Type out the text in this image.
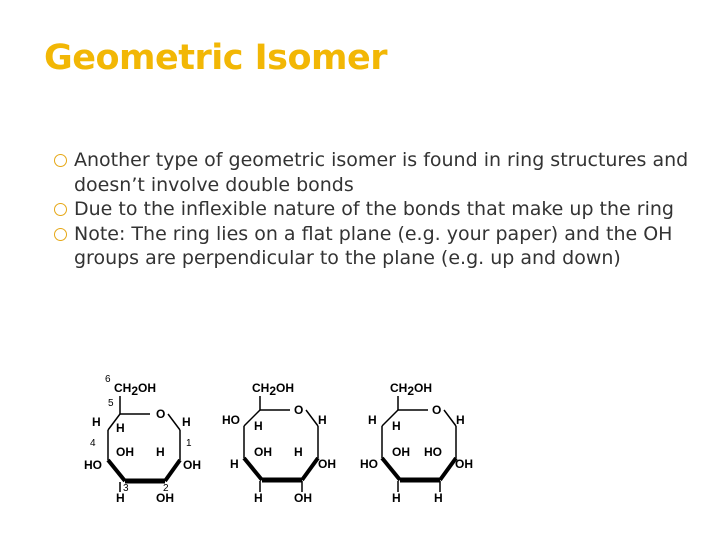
Geometric Isomer
Another type of geometric isomer is found in ring structures and doesn’t involve double bonds
Due to the inflexible nature of the bonds that make up the ring
Note: The ring lies on a flat plane (e.g. your paper) and the OH groups are perpendicular to the plane (e.g. up and down)
6
CH2OH
5
O
H H	H
4	1
OH H
HO	OH
3	2
H	OH
CH2OH
O
HO H	H
OH H
H	OH
H	OH
CH2OH
O
H H	H
OH HO
HO	OH
H	H
